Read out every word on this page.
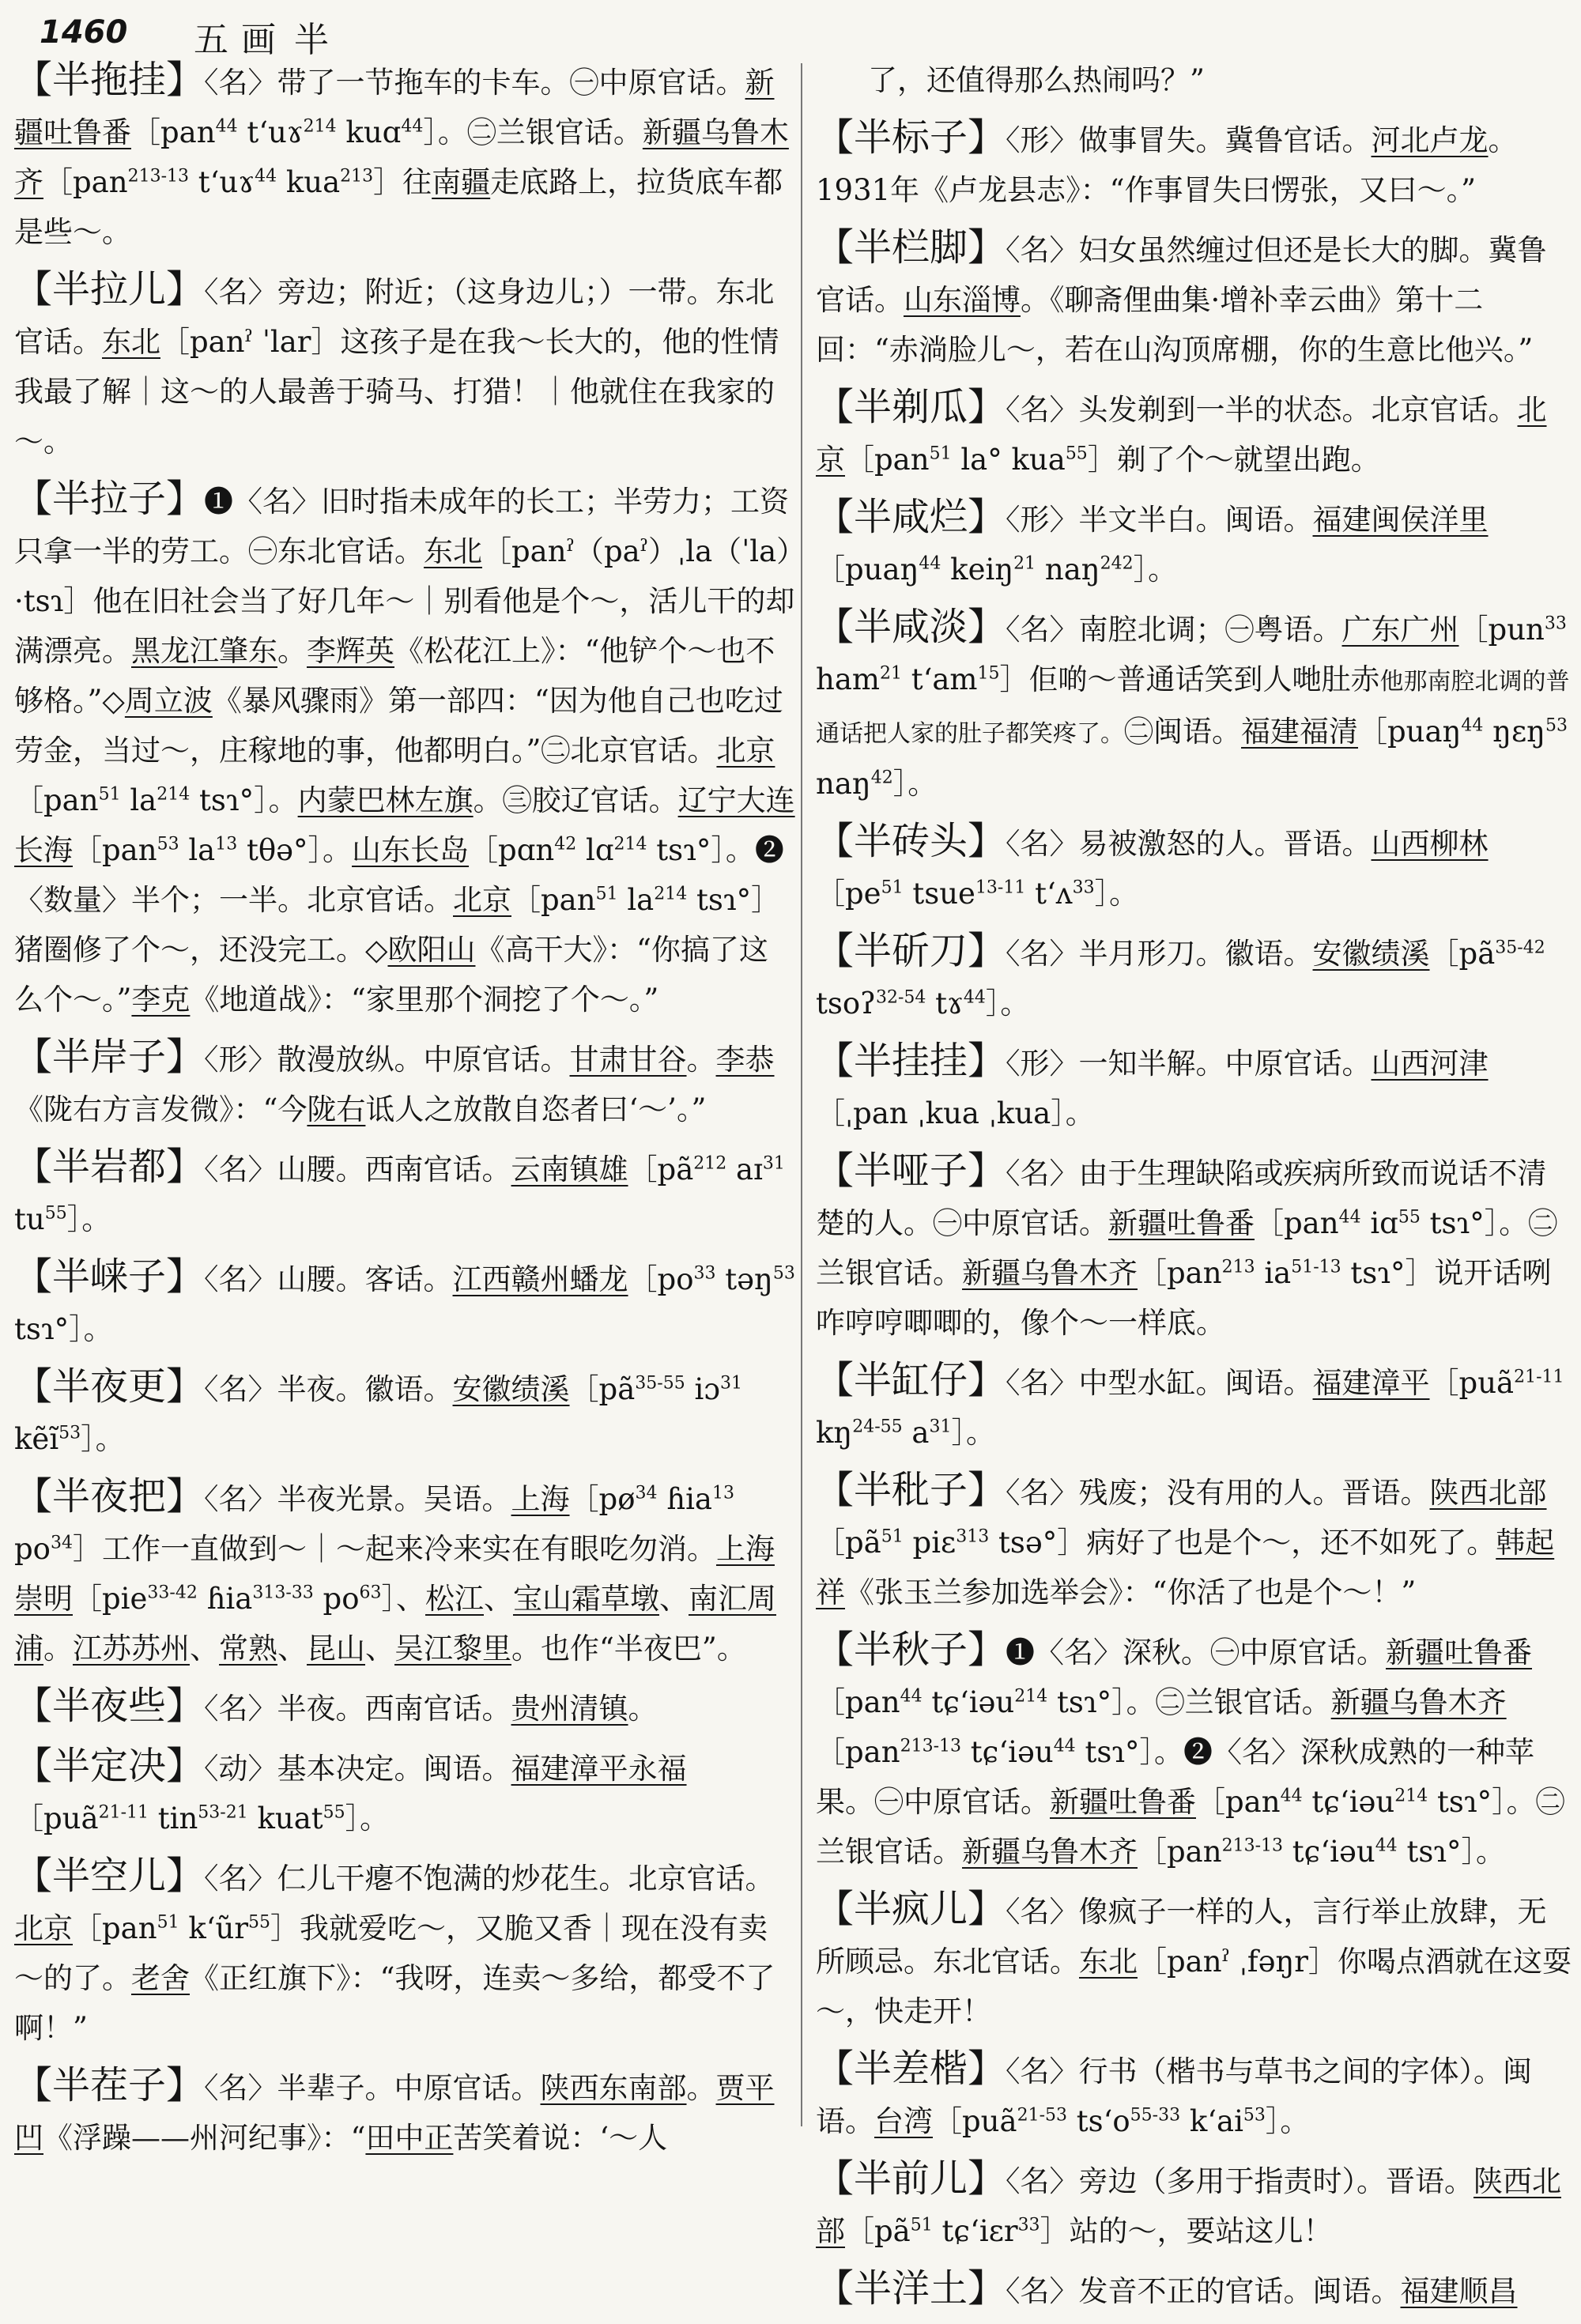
1460 五画 半
【半拖挂】〈名〉带了一节拖车的卡车。㊀中原官话。新疆吐鲁番［pan$^{44}$ tʻuɤ$^{214}$ kuɑ$^{44}$］。㊁兰银官话。新疆乌鲁木齐［pan$^{213-13}$ tʻuɤ$^{44}$ kua$^{213}$］往南疆走底路上，拉货底车都是些～。
【半拉儿】〈名〉旁边；附近；（这身边儿；）一带。东北官话。东北［panˀ ˈlar］这孩子是在我～长大的，他的性情我最了解｜这～的人最善于骑马、打猎！｜他就住在我家的～。
【半拉子】❶〈名〉旧时指未成年的长工；半劳力；工资只拿一半的劳工。㊀东北官话。东北［panˀ（paˀ）ˌla（ˈla）·tsɿ］他在旧社会当了好几年～｜别看他是个～，活儿干的却满漂亮。黑龙江肇东。李辉英《松花江上》：“他铲个～也不够格。”◇周立波《暴风骤雨》第一部四：“因为他自己也吃过劳金，当过～，庄稼地的事，他都明白。”㊁北京官话。北京［pan$^{51}$ $la^{214}$ tsɿ°］。内蒙巴林左旗。㊂胶辽官话。辽宁大连长海［pan$^{53}$ $la^{13}$ tθə°］。山东长岛［pɑn$^{42}$ lɑ$^{214}$ tsɿ°］。❷〈数量〉半个；一半。北京官话。北京［pan$^{51}$ $la^{214}$ tsɿ°］猪圈修了个～，还没完工。◇欧阳山《高干大》：“你搞了这么个～。”李克《地道战》：“家里那个洞挖了个～。”
【半岸子】〈形〉散漫放纵。中原官话。甘肃甘谷。李恭《陇右方言发微》：“今陇右诋人之放散自恣者曰‘～’。”
【半岩都】〈名〉山腰。西南官话。云南镇雄$[pã^{212}$ aɪ$^{31}$ $tu^{55}]$。
【半崃子】〈名〉山腰。客话。江西赣州蟠龙$[po^{33}$ təŋ$^{53}$ tsɿ°］。
【半夜更】〈名〉半夜。徽语。安徽绩溪$[pã^{35-55}$ iɔ$^{31}$ kẽĩ$^{53}$］。
【半夜把】〈名〉半夜光景。吴语。上海$[pø^{34}$ ɦia$^{13}$ $po^{34}]$工作一直做到～｜～起来冷来实在有眼吃勿消。上海崇明［pie$^{33-42}$ ɦia$^{313-33}$ $po^{63}]$、松江、宝山霜草墩、南汇周浦。江苏苏州、常熟、昆山、吴江黎里。也作“半夜巴”。
【半夜些】〈名〉半夜。西南官话。贵州清镇。
【半定决】〈动〉基本决定。闽语。福建漳平永福［puã$^{21-11}$ tin$^{53-21}$ kuat$^{55}$］。
【半空儿】〈名〉仁儿干瘪不饱满的炒花生。北京官话。北京［pan$^{51}$ kʻũr$^{55}$］我就爱吃～，又脆又香｜现在没有卖～的了。老舍《正红旗下》：“我呀，连卖～多给，都受不了啊！”
【半茬子】〈名〉半辈子。中原官话。陕西东南部。贾平凹《浮躁——州河纪事》：“田中正苦笑着说：‘～人
了，还值得那么热闹吗？”
【半标子】〈形〉做事冒失。冀鲁官话。河北卢龙。1931年《卢龙县志》：“作事冒失曰愣张，又曰～。”
【半栏脚】〈名〉妇女虽然缠过但还是长大的脚。冀鲁官话。山东淄博。《聊斋俚曲集·增补幸云曲》第十二回：“赤淌脸儿～，若在山沟顶席棚，你的生意比他兴。”
【半剃瓜】〈名〉头发剃到一半的状态。北京官话。北京［pan$^{51}$ la° kua$^{55}$］剃了个～就望出跑。
【半咸烂】〈形〉半文半白。闽语。福建闽侯洋里［puaŋ$^{44}$ keiŋ$^{21}$ naŋ$^{242}$］。
【半咸淡】〈名〉南腔北调；㊀粤语。广东广州［pun$^{33}$ ham$^{21}$ tʻam$^{15}$］佢啲～普通话笑到人哋肚赤他那南腔北调的普通话把人家的肚子都笑疼了。㊁闽语。福建福清［puaŋ$^{44}$ ŋɛŋ$^{53}$ naŋ$^{42}$］。
【半砖头】〈名〉易被激怒的人。晋语。山西柳林$[pe^{51}$ tsue$^{13-11}$ tʻʌ$^{33}$］。
【半斫刀】〈名〉半月形刀。徽语。安徽绩溪$[pã^{35-42}$ tsoʔ$^{32-54}$ tɤ$^{44}$］。
【半挂挂】〈形〉一知半解。中原官话。山西河津［ˌpan ˌkua ˌkua］。
【半哑子】〈名〉由于生理缺陷或疾病所致而说话不清楚的人。㊀中原官话。新疆吐鲁番［pan$^{44}$ iɑ$^{55}$ tsɿ°］。㊁兰银官话。新疆乌鲁木齐［pan$^{213}$ $ia^{51-13}$ tsɿ°］说开话咧咋哼哼唧唧的，像个～一样底。
【半缸仔】〈名〉中型水缸。闽语。福建漳平［puã$^{21-11}$ $kŋ^{24-55}$ $a^{31}]$。
【半秕子】〈名〉残废；没有用的人。晋语。陕西北部$[pã^{51}$ piɛ$^{313}$ tsə°］病好了也是个～，还不如死了。韩起祥《张玉兰参加选举会》：“你活了也是个～！”
【半秋子】❶〈名〉深秋。㊀中原官话。新疆吐鲁番［pan$^{44}$ tɕʻiəu$^{214}$ tsɿ°］。㊁兰银官话。新疆乌鲁木齐［pan$^{213-13}$ tɕʻiəu$^{44}$ tsɿ°］。❷〈名〉深秋成熟的一种苹果。㊀中原官话。新疆吐鲁番［pan$^{44}$ tɕʻiəu$^{214}$ tsɿ°］。㊁兰银官话。新疆乌鲁木齐［pan$^{213-13}$ tɕʻiəu$^{44}$ tsɿ°］。
【半疯儿】〈名〉像疯子一样的人，言行举止放肆，无所顾忌。东北官话。东北［panˀ ˌfəŋr］你喝点酒就在这耍～，快走开！
【半差楷】〈名〉行书（楷书与草书之间的字体）。闽语。台湾［puã$^{21-53}$ tsʻo$^{55-33}$ kʻai$^{53}$］。
【半前儿】〈名〉旁边（多用于指责时）。晋语。陕西北部$[pã^{51}$ tɕʻiɛr$^{33}$］站的～，要站这儿！
【半洋土】〈名〉发音不正的官话。闽语。福建顺昌
